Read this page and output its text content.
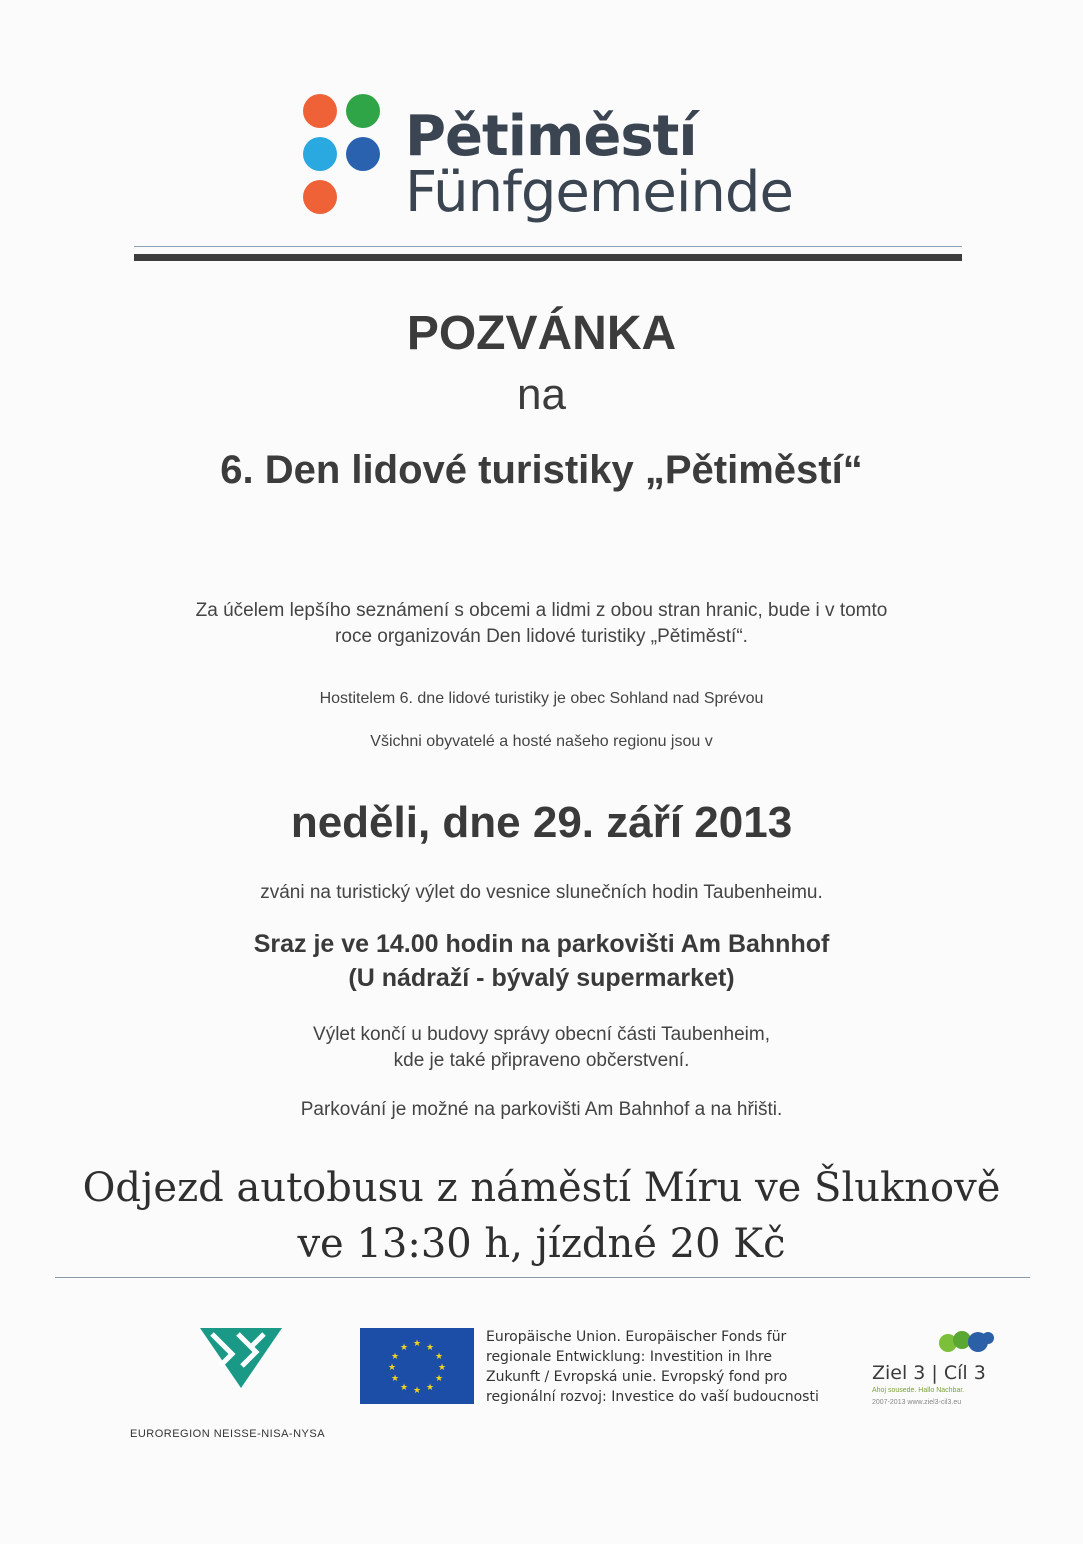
Pětiměstí
Fünfgemeinde
POZVÁNKA
na
6. Den lidové turistiky „Pětiměstí“
Za účelem lepšího seznámení s obcemi a lidmi z obou stran hranic, bude i v tomto
roce organizován Den lidové turistiky „Pětiměstí“.
Hostitelem 6. dne lidové turistiky je obec Sohland nad Sprévou
Všichni obyvatelé a hosté našeho regionu jsou v
neděli, dne 29. září 2013
zváni na turistický výlet do vesnice slunečních hodin Taubenheimu.
Sraz je ve 14.00 hodin na parkovišti Am Bahnhof
(U nádraží - bývalý supermarket)
Výlet končí u budovy správy obecní části Taubenheim,
kde je také připraveno občerstvení.
Parkování je možné na parkovišti Am Bahnhof a na hřišti.
Odjezd autobusu z náměstí Míru ve Šluknově
ve 13:30 h, jízdné 20 Kč
EUROREGION NEISSE-NISA-NYSA
★ ★
★
★
★
★
★
★
★
★
★
★
Europäische Union. Europäischer Fonds für
regionale Entwicklung: Investition in Ihre
Zukunft / Evropská unie. Evropský fond pro
regionální rozvoj: Investice do vaší budoucnosti
Ziel 3 | Cíl 3
Ahoj sousede. Hallo Nachbar.
2007-2013 www.ziel3-cil3.eu
